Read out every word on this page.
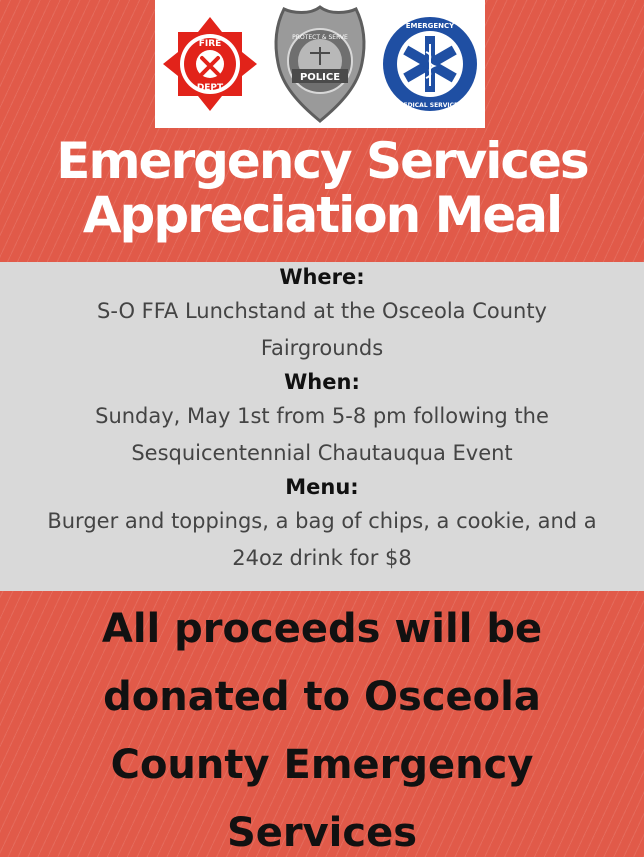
FIRE
DEPT
PROTECT & SERVE
POLICE
EMERGENCY
MEDICAL SERVICES
Emergency Services
Appreciation Meal
Where:
S-O FFA Lunchstand at the Osceola County
Fairgrounds
When:
Sunday, May 1st from 5-8 pm following the
Sesquicentennial Chautauqua Event
Menu:
Burger and toppings, a bag of chips, a cookie, and a
24oz drink for $8
All proceeds will be
donated to Osceola
County Emergency
Services
